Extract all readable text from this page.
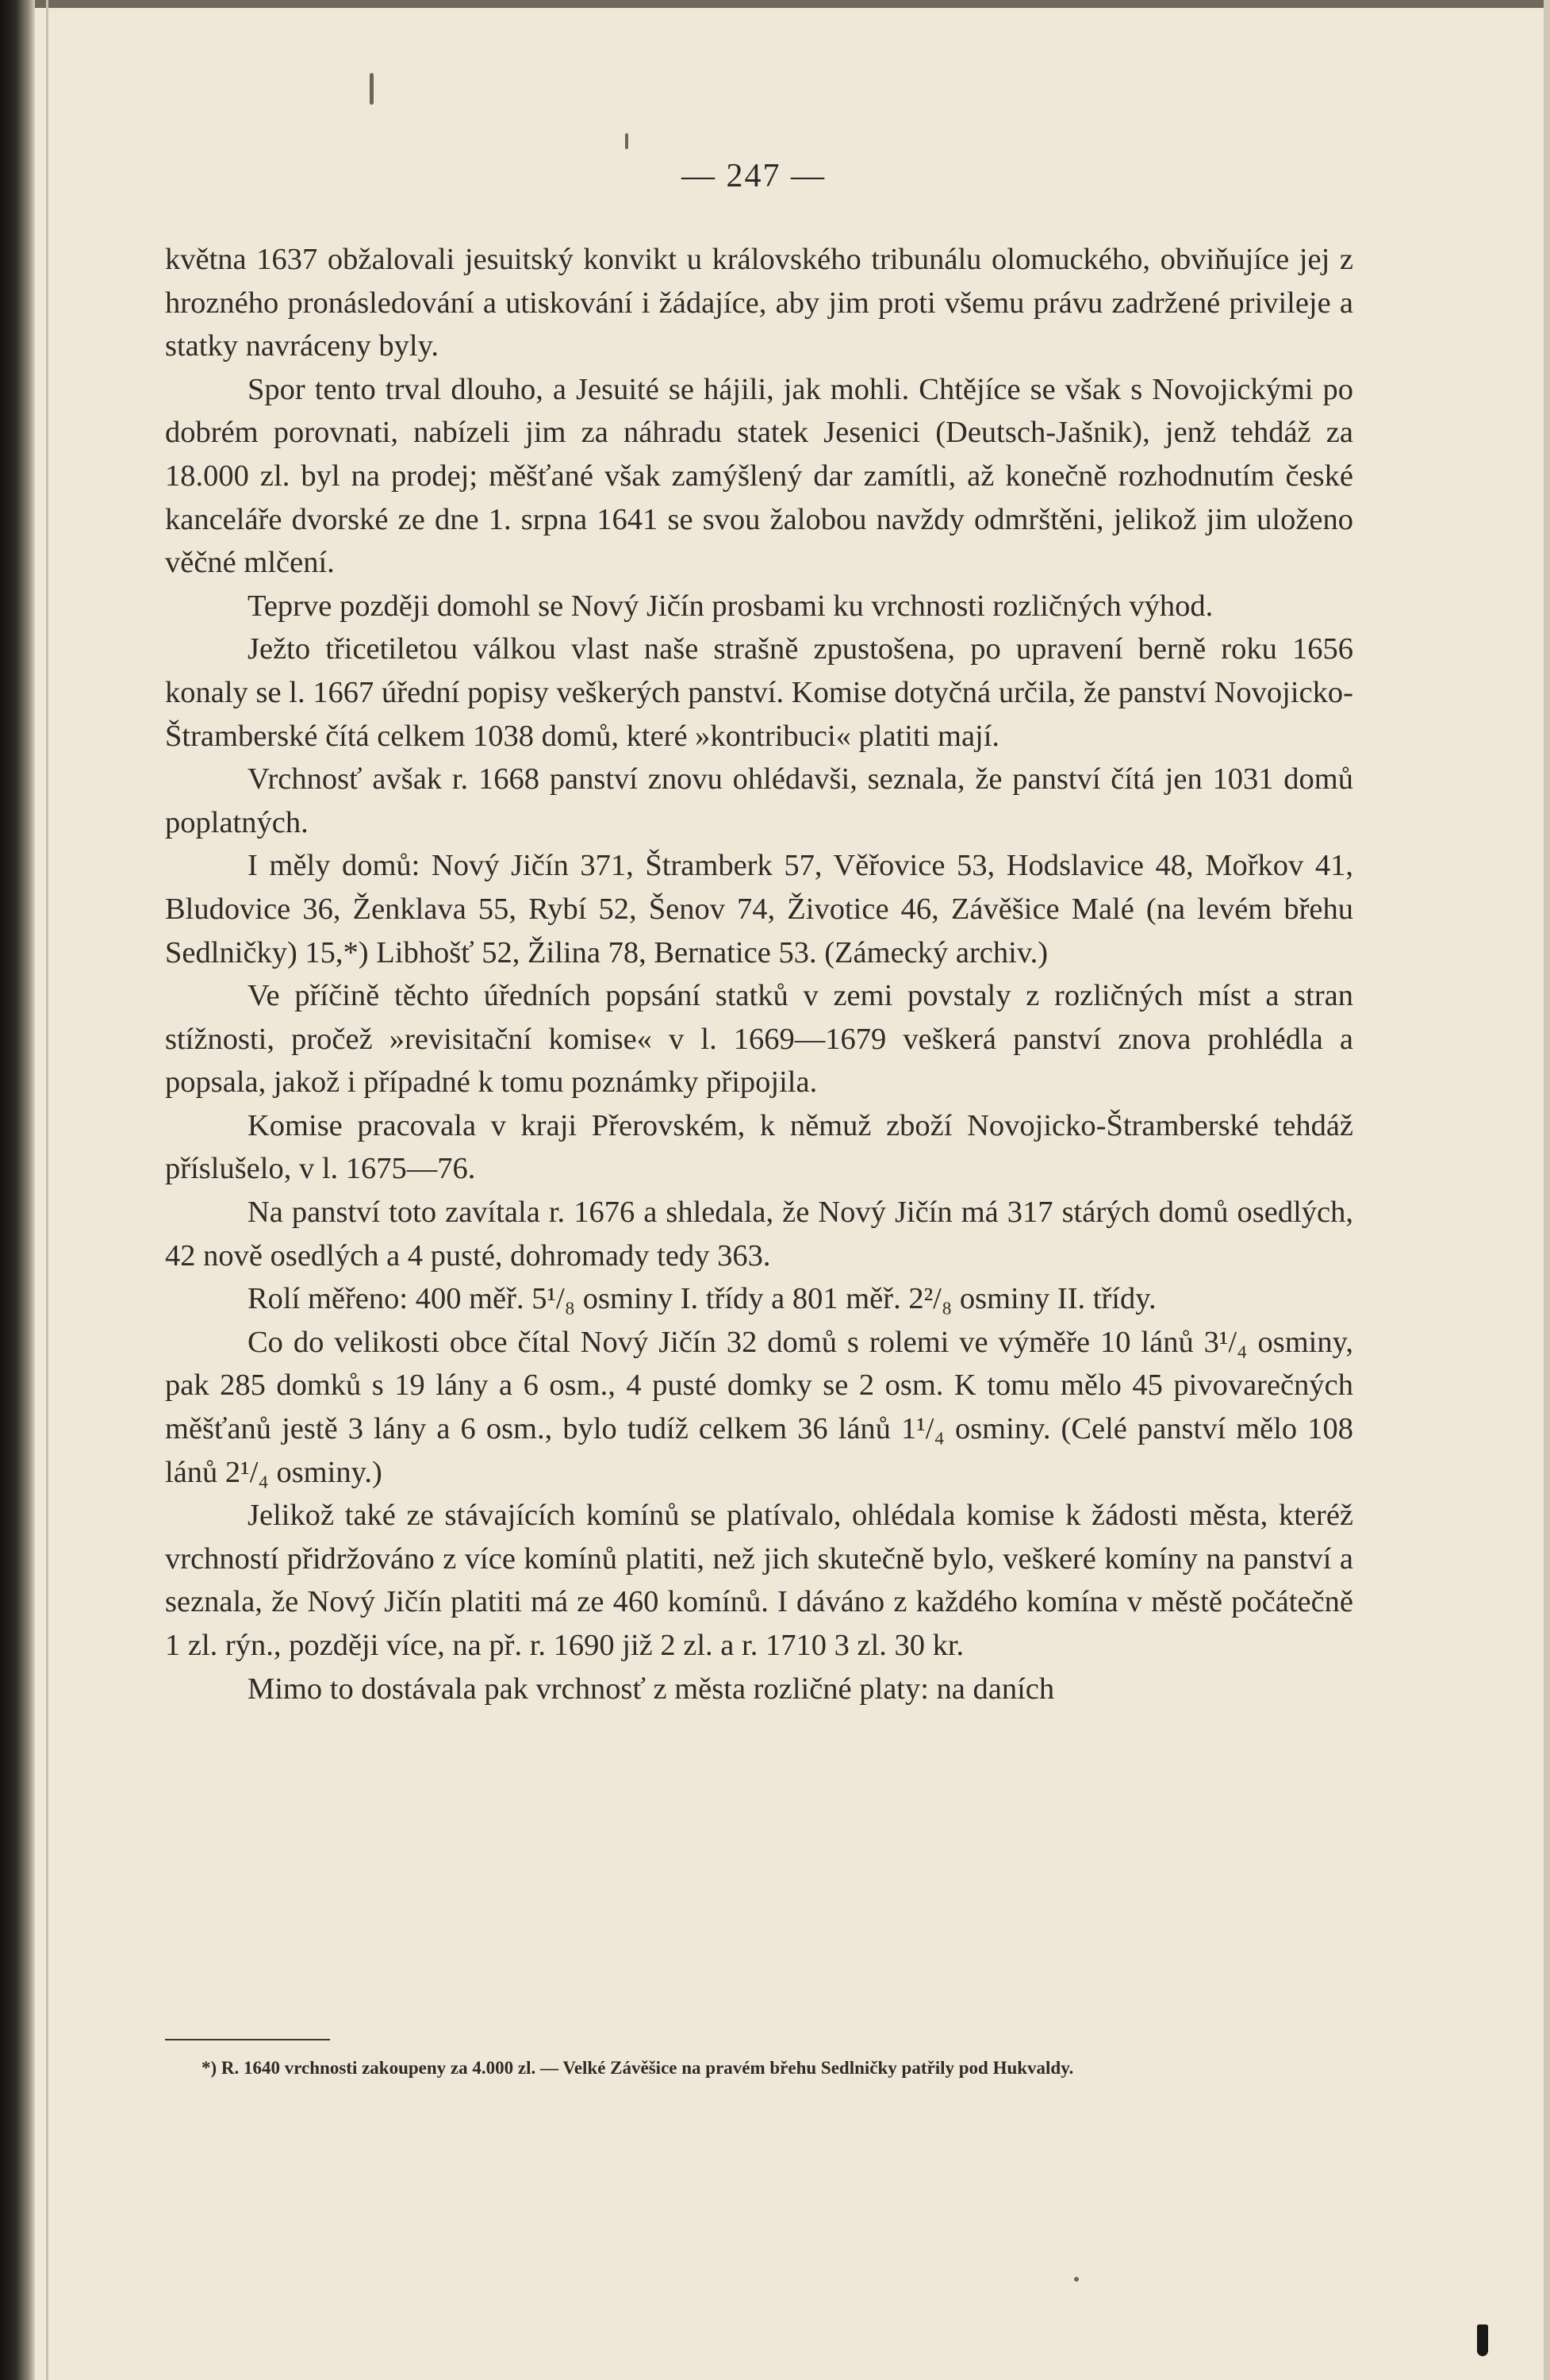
— 247 —

května 1637 obžalovali jesuitský konvikt u královského tribunálu olomuckého, obviňujíce jej z hrozného pronásledování a utiskování i žádajíce, aby jim proti všemu právu zadržené privileje a statky navráceny byly.

Spor tento trval dlouho, a Jesuité se hájili, jak mohli. Chtějíce se však s Novojickými po dobrém porovnati, nabízeli jim za náhradu statek Jesenici (Deutsch-Jašnik), jenž tehdáž za 18.000 zl. byl na prodej; měšťané však zamýšlený dar zamítli, až konečně rozhodnutím české kanceláře dvorské ze dne 1. srpna 1641 se svou žalobou navždy odmrštěni, jelikož jim uloženo věčné mlčení.

Teprve později domohl se Nový Jičín prosbami ku vrchnosti rozličných výhod.

Ježto třicetiletou válkou vlast naše strašně zpustošena, po upravení berně roku 1656 konaly se l. 1667 úřední popisy veškerých panství. Komise dotyčná určila, že panství Novojicko-Štramberské čítá celkem 1038 domů, které »kontribuci« platiti mají.

Vrchnosť avšak r. 1668 panství znovu ohlédavši, seznala, že panství čítá jen 1031 domů poplatných.

I měly domů: Nový Jičín 371, Štramberk 57, Věřovice 53, Hodslavice 48, Mořkov 41, Bludovice 36, Ženklava 55, Rybí 52, Šenov 74, Životice 46, Závěšice Malé (na levém břehu Sedlničky) 15,*) Libhošť 52, Žilina 78, Bernatice 53. (Zámecký archiv.)

Ve příčině těchto úředních popsání statků v zemi povstaly z rozličných míst a stran stížnosti, pročež »revisitační komise« v l. 1669—1679 veškerá panství znova prohlédla a popsala, jakož i případné k tomu poznámky připojila.

Komise pracovala v kraji Přerovském, k němuž zboží Novojicko-Štramberské tehdáž příslušelo, v l. 1675—76.

Na panství toto zavítala r. 1676 a shledala, že Nový Jičín má 317 stárých domů osedlých, 42 nově osedlých a 4 pusté, dohromady tedy 363.

Rolí měřeno: 400 měř. 5¹/₈ osminy I. třídy a 801 měř. 2²/₈ osminy II. třídy.

Co do velikosti obce čítal Nový Jičín 32 domů s rolemi ve výměře 10 lánů 3¹/₄ osminy, pak 285 domků s 19 lány a 6 osm., 4 pusté domky se 2 osm. K tomu mělo 45 pivovarečných měšťanů jestě 3 lány a 6 osm., bylo tudíž celkem 36 lánů 1¹/₄ osminy. (Celé panství mělo 108 lánů 2¹/₄ osminy.)

Jelikož také ze stávajících komínů se platívalo, ohlédala komise k žádosti města, kteréž vrchností přidržováno z více komínů platiti, než jich skutečně bylo, veškeré komíny na panství a seznala, že Nový Jičín platiti má ze 460 komínů. I dáváno z každého komína v městě počátečně 1 zl. rýn., později více, na př. r. 1690 již 2 zl. a r. 1710 3 zl. 30 kr.

Mimo to dostávala pak vrchnosť z města rozličné platy: na daních

*) R. 1640 vrchnosti zakoupeny za 4.000 zl. — Velké Závěšice na pravém břehu Sedlničky patřily pod Hukvaldy.
